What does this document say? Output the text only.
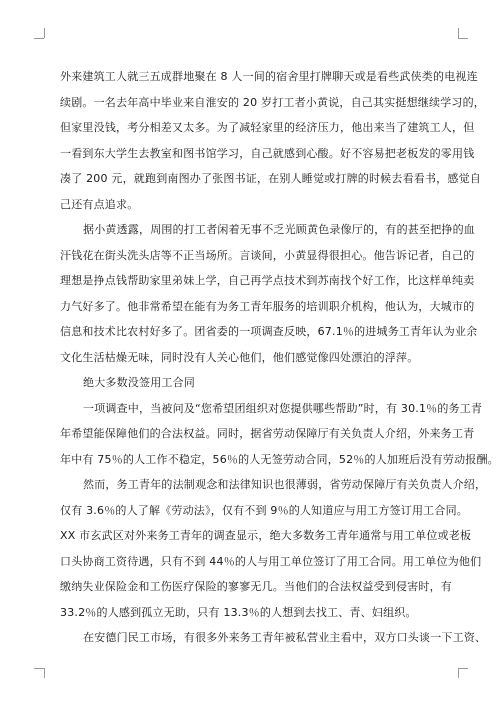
外来建筑工人就三五成群地聚在 8 人一间的宿舍里打牌聊天或是看些武侠类的电视连
续剧。一名去年高中毕业来自淮安的 20 岁打工者小黄说，自己其实挺想继续学习的，
但家里没钱，考分相差又太多。为了减轻家里的经济压力，他出来当了建筑工人，但
一看到东大学生去教室和图书馆学习，自己就感到心酸。好不容易把老板发的零用钱
凑了 200 元，就跑到南图办了张图书证，在别人睡觉或打牌的时候去看看书，感觉自
己还有点追求。
据小黄透露，周围的打工者闲着无事不乏光顾黄色录像厅的，有的甚至把挣的血
汗钱花在街头洗头店等不正当场所。言谈间，小黄显得很担心。他告诉记者，自己的
理想是挣点钱帮助家里弟妹上学，自己再学点技术到苏南找个好工作，比这样单纯卖
力气好多了。他非常希望在能有为务工青年服务的培训职介机构，他认为，大城市的
信息和技术比农村好多了。团省委的一项调查反映，67.1％的进城务工青年认为业余
文化生活枯燥无味，同时没有人关心他们，他们感觉像四处漂泊的浮萍。
绝大多数没签用工合同
一项调查中，当被问及“您希望团组织对您提供哪些帮助”时，有 30.1％的务工青
年希望能保障他们的合法权益。同时，据省劳动保障厅有关负责人介绍，外来务工青
年中有 75％的人工作不稳定，56％的人无签劳动合同，52％的人加班后没有劳动报酬。
然而，务工青年的法制观念和法律知识也很薄弱，省劳动保障厅有关负责人介绍，
仅有 3.6％的人了解《劳动法》，仅有不到 9％的人知道应与用工方签订用工合同。
XX 市玄武区对外来务工青年的调查显示，绝大多数务工青年通常与用工单位或老板
口头协商工资待遇，只有不到 44％的人与用工单位签订了用工合同。用工单位为他们
缴纳失业保险金和工伤医疗保险的寥寥无几。当他们的合法权益受到侵害时，有
33.2％的人感到孤立无助，只有 13.3％的人想到去找工、青、妇组织。
在安德门民工市场，有很多外来务工青年被私营业主看中，双方口头谈一下工资、
